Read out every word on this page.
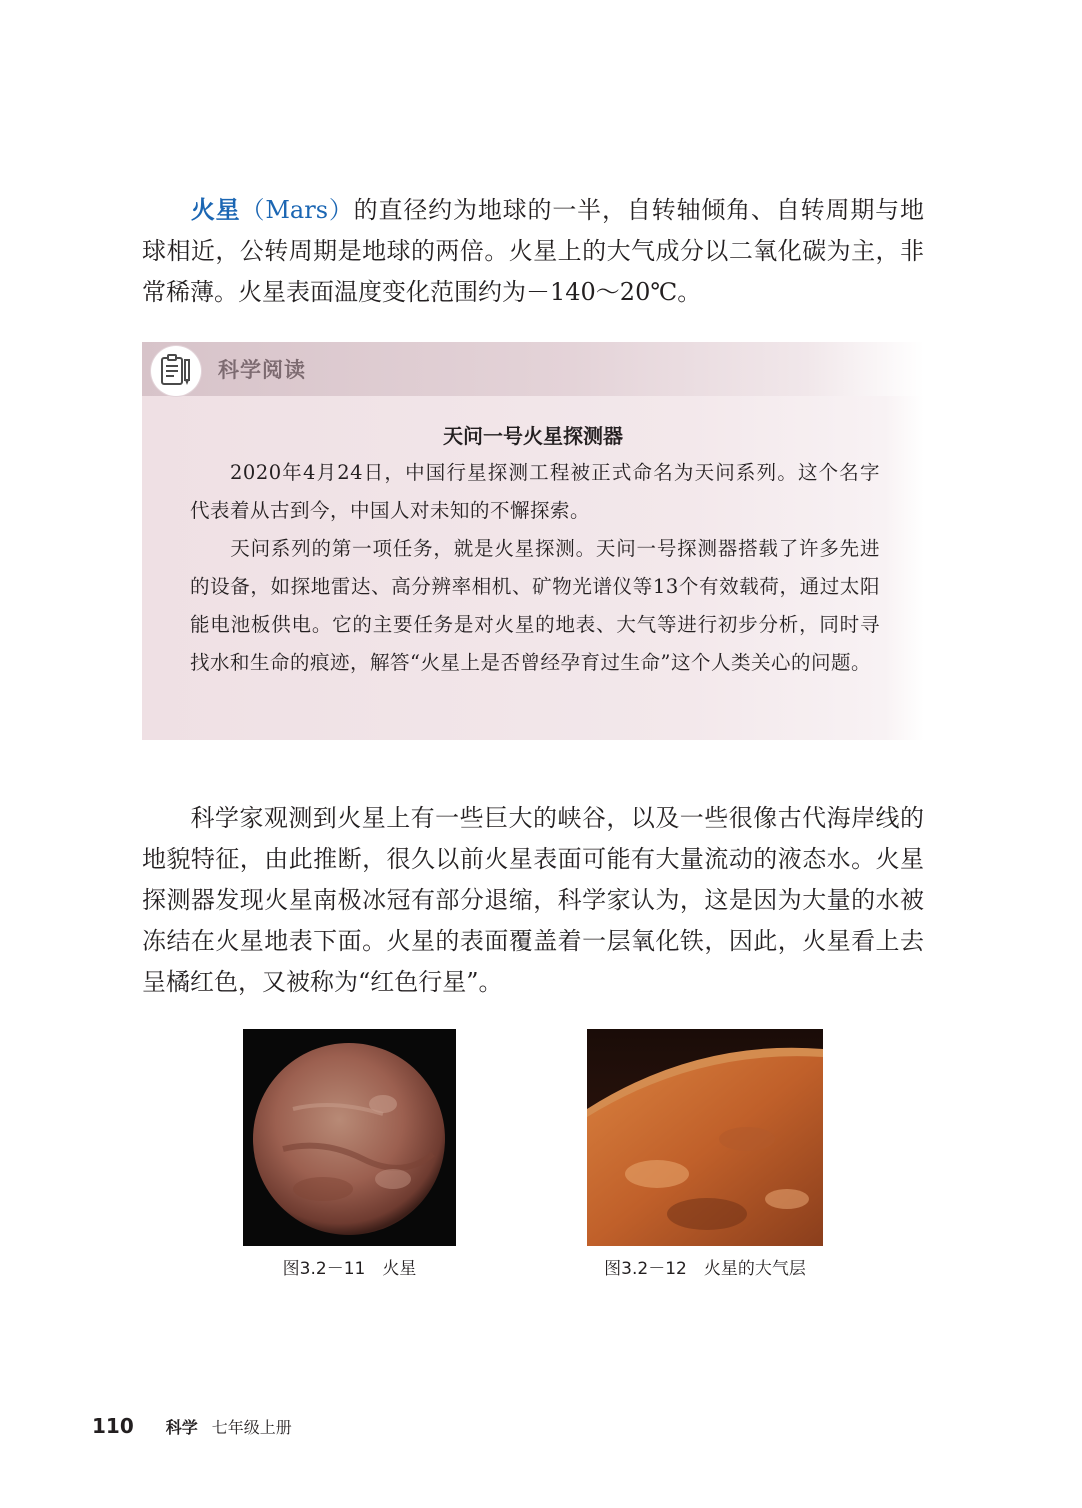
火星（Mars）的直径约为地球的一半，自转轴倾角、自转周期与地球相近，公转周期是地球的两倍。火星上的大气成分以二氧化碳为主，非常稀薄。火星表面温度变化范围约为－140～20℃。

科学阅读
天问一号火星探测器

2020年4月24日，中国行星探测工程被正式命名为天问系列。这个名字代表着从古到今，中国人对未知的不懈探索。
天问系列的第一项任务，就是火星探测。天问一号探测器搭载了许多先进的设备，如探地雷达、高分辨率相机、矿物光谱仪等13个有效载荷，通过太阳能电池板供电。它的主要任务是对火星的地表、大气等进行初步分析，同时寻找水和生命的痕迹，解答“火星上是否曾经孕育过生命”这个人类关心的问题。

科学家观测到火星上有一些巨大的峡谷，以及一些很像古代海岸线的地貌特征，由此推断，很久以前火星表面可能有大量流动的液态水。火星探测器发现火星南极冰冠有部分退缩，科学家认为，这是因为大量的水被冻结在火星地表下面。火星的表面覆盖着一层氧化铁，因此，火星看上去呈橘红色，又被称为“红色行星”。

图3.2－11　火星	图3.2－12　火星的大气层
110 科学 七年级上册
